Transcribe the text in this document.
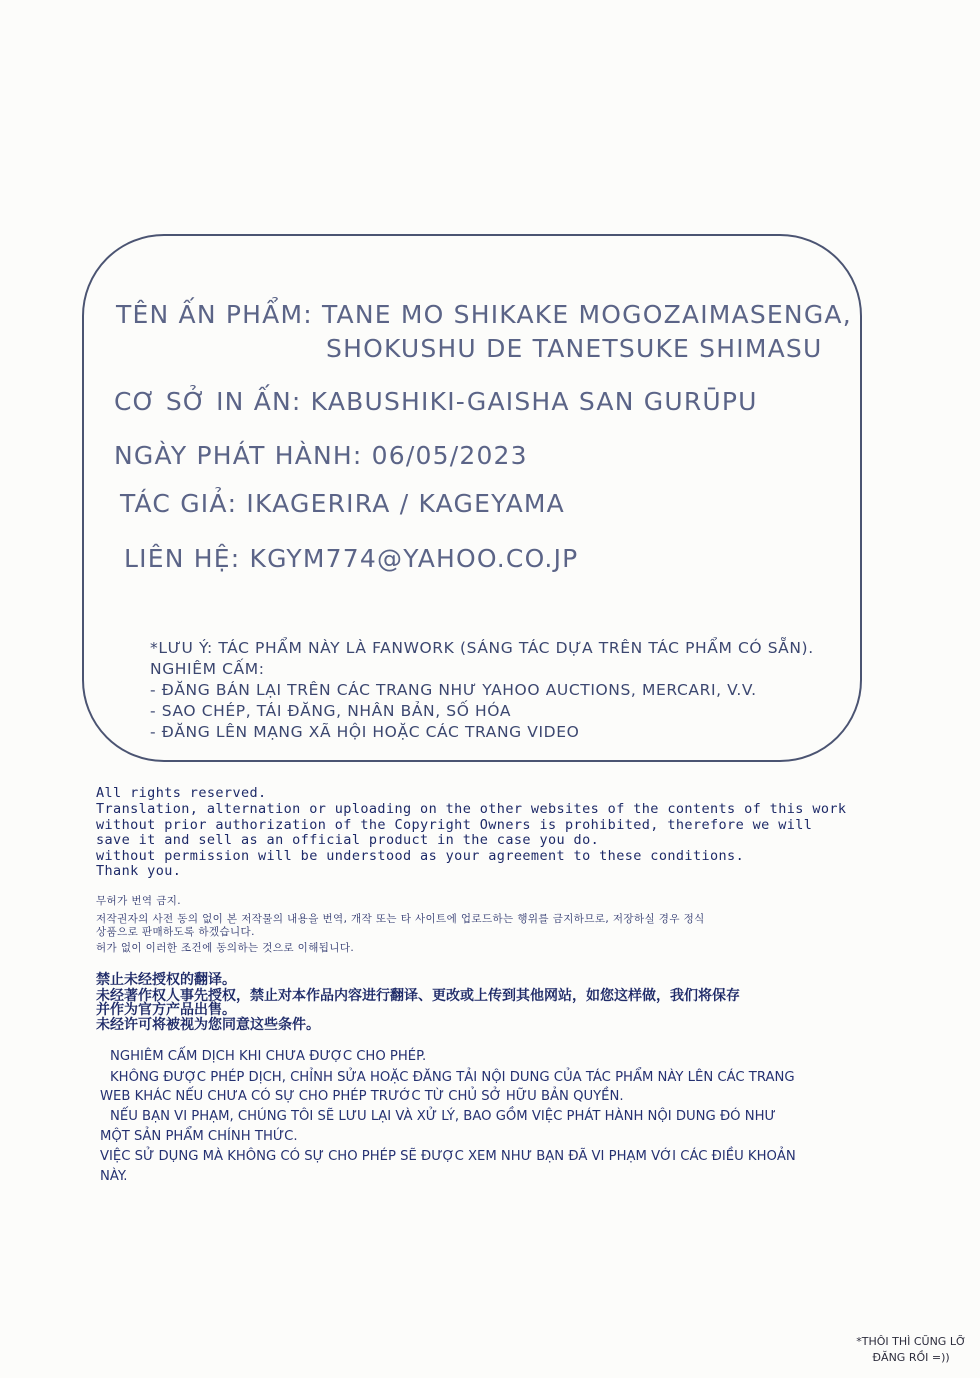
TÊN ẤN PHẨM: TANE MO SHIKAKE MOGOZAIMASENGA,
SHOKUSHU DE TANETSUKE SHIMASU
CƠ SỞ IN ẤN: KABUSHIKI-GAISHA SAN GURŪPU
NGÀY PHÁT HÀNH: 06/05/2023
TÁC GIẢ: IKAGERIRA / KAGEYAMA
LIÊN HỆ: KGYM774@YAHOO.CO.JP
*LƯU Ý: TÁC PHẨM NÀY LÀ FANWORK (SÁNG TÁC DỰA TRÊN TÁC PHẨM CÓ SẴN).
NGHIÊM CẤM:
- ĐĂNG BÁN LẠI TRÊN CÁC TRANG NHƯ YAHOO AUCTIONS, MERCARI, V.V.
- SAO CHÉP, TÁI ĐĂNG, NHÂN BẢN, SỐ HÓA
- ĐĂNG LÊN MẠNG XÃ HỘI HOẶC CÁC TRANG VIDEO
All rights reserved.
Translation, alternation or uploading on the other websites of the contents of this work
without prior authorization of the Copyright Owners is prohibited, therefore we will
save it and sell as an official product in the case you do.
without permission will be understood as your agreement to these conditions.
Thank you.
무허가 번역 금지.
저작권자의 사전 동의 없이 본 저작물의 내용을 번역, 개작 또는 타 사이트에 업로드하는 행위를 금지하므로, 저장하실 경우 정식
상품으로 판매하도록 하겠습니다.
허가 없이 이러한 조건에 동의하는 것으로 이해됩니다.
禁止未经授权的翻译。
未经著作权人事先授权，禁止对本作品内容进行翻译、更改或上传到其他网站，如您这样做，我们将保存
并作为官方产品出售。
未经许可将被视为您同意这些条件。
NGHIÊM CẤM DỊCH KHI CHƯA ĐƯỢC CHO PHÉP.
KHÔNG ĐƯỢC PHÉP DỊCH, CHỈNH SỬA HOẶC ĐĂNG TẢI NỘI DUNG CỦA TÁC PHẨM NÀY LÊN CÁC TRANG
WEB KHÁC NẾU CHƯA CÓ SỰ CHO PHÉP TRƯỚC TỪ CHỦ SỞ HỮU BẢN QUYỀN.
NẾU BẠN VI PHẠM, CHÚNG TÔI SẼ LƯU LẠI VÀ XỬ LÝ, BAO GỒM VIỆC PHÁT HÀNH NỘI DUNG ĐÓ NHƯ
MỘT SẢN PHẨM CHÍNH THỨC.
VIỆC SỬ DỤNG MÀ KHÔNG CÓ SỰ CHO PHÉP SẼ ĐƯỢC XEM NHƯ BẠN ĐÃ VI PHẠM VỚI CÁC ĐIỀU KHOẢN
NÀY.
*THÔI THÌ CŨNG LỠ
ĐĂNG RỒI =))
